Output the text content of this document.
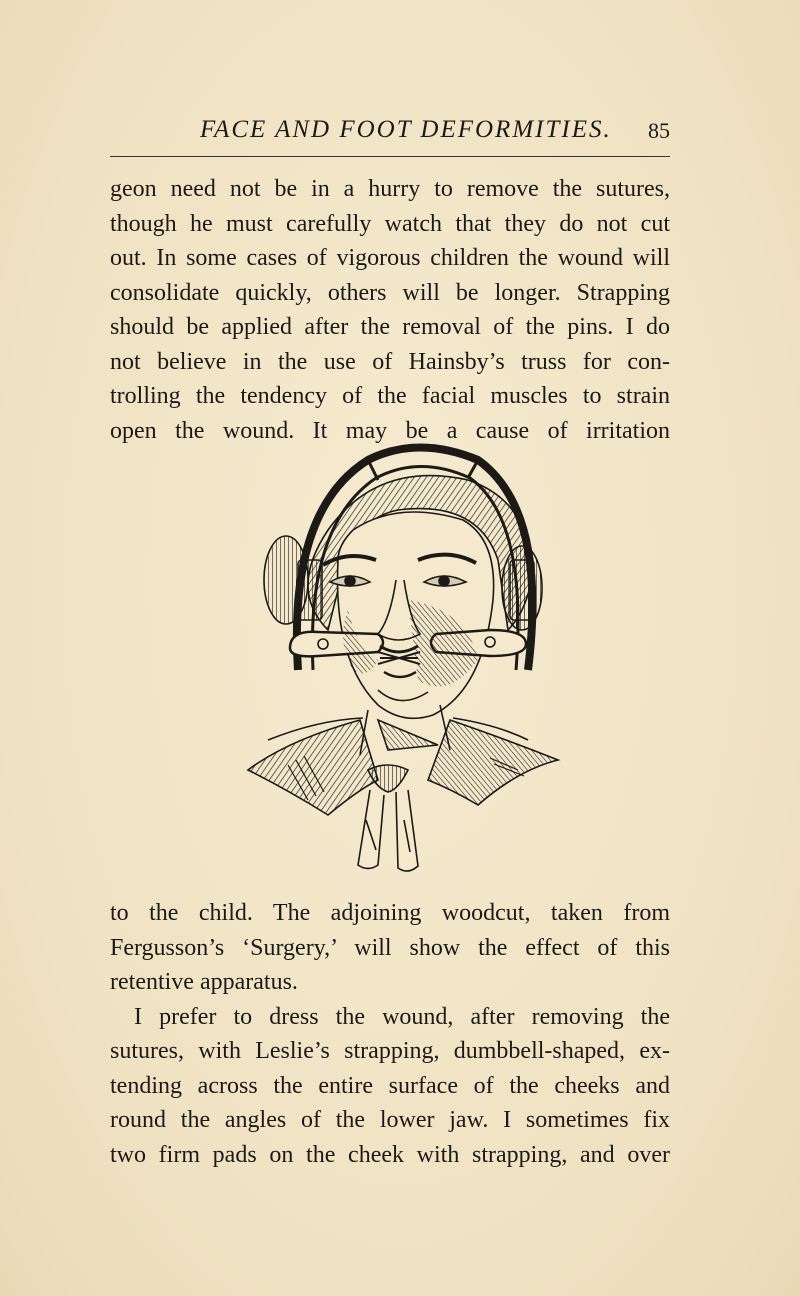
FACE AND FOOT DEFORMITIES. 85
geon need not be in a hurry to remove the sutures,
though he must carefully watch that they do not cut
out. In some cases of vigorous children the wound will
consolidate quickly, others will be longer. Strapping
should be applied after the removal of the pins. I do
not believe in the use of Hainsby’s truss for con-
trolling the tendency of the facial muscles to strain
open the wound. It may be a cause of irritation
to the child. The adjoining woodcut, taken from
Fergusson’s ‘Surgery,’ will show the effect of this
retentive apparatus.
I prefer to dress the wound, after removing the
sutures, with Leslie’s strapping, dumbbell-shaped, ex-
tending across the entire surface of the cheeks and
round the angles of the lower jaw. I sometimes fix
two firm pads on the cheek with strapping, and over
